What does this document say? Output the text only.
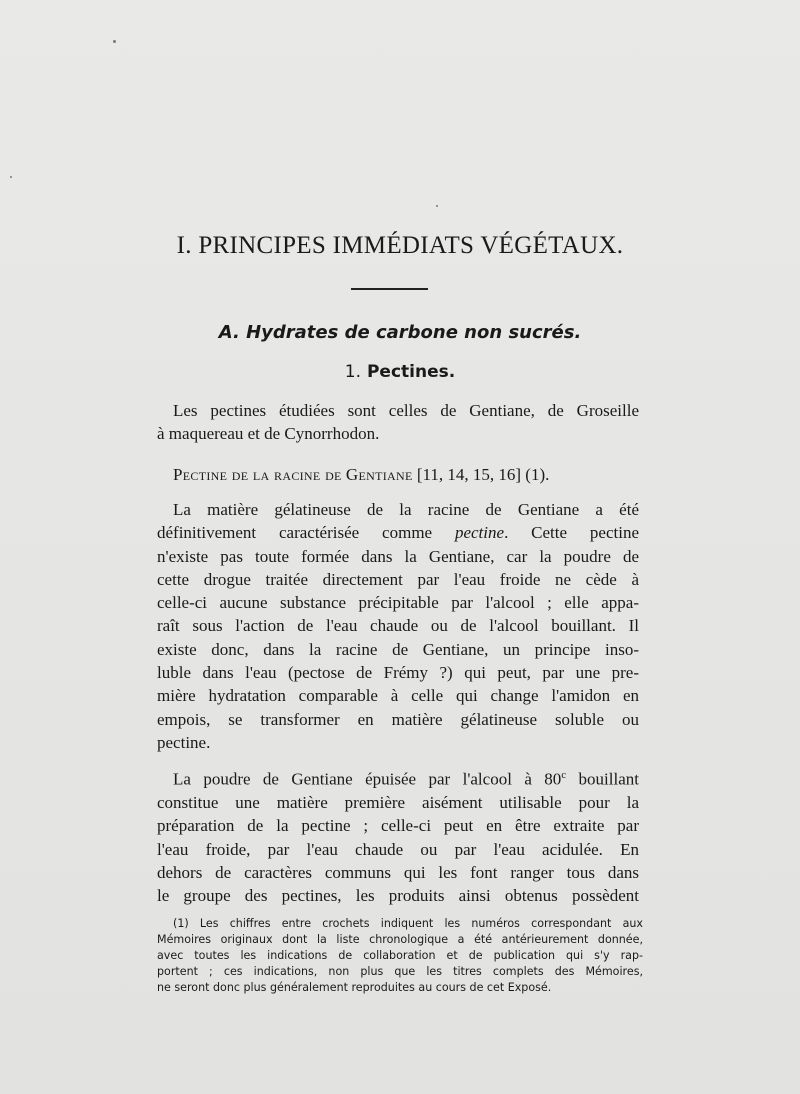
I. PRINCIPES IMMÉDIATS VÉGÉTAUX.
A. Hydrates de carbone non sucrés.
1. Pectines.

Les pectines étudiées sont celles de Gentiane, de Groseille
à maquereau et de Cynorrhodon.

Pectine de la racine de Gentiane [11, 14, 15, 16] (1).

La matière gélatineuse de la racine de Gentiane a été
définitivement caractérisée comme pectine. Cette pectine
n'existe pas toute formée dans la Gentiane, car la poudre de
cette drogue traitée directement par l'eau froide ne cède à
celle-ci aucune substance précipitable par l'alcool ; elle appa-
raît sous l'action de l'eau chaude ou de l'alcool bouillant. Il
existe donc, dans la racine de Gentiane, un principe inso-
luble dans l'eau (pectose de Frémy ?) qui peut, par une pre-
mière hydratation comparable à celle qui change l'amidon en
empois, se transformer en matière gélatineuse soluble ou
pectine.

La poudre de Gentiane épuisée par l'alcool à 80$^c$ bouillant
constitue une matière première aisément utilisable pour la
préparation de la pectine ; celle-ci peut en être extraite par
l'eau froide, par l'eau chaude ou par l'eau acidulée. En
dehors de caractères communs qui les font ranger tous dans
le groupe des pectines, les produits ainsi obtenus possèdent

(1) Les chiffres entre crochets indiquent les numéros correspondant aux
Mémoires originaux dont la liste chronologique a été antérieurement donnée,
avec toutes les indications de collaboration et de publication qui s'y rap-
portent ; ces indications, non plus que les titres complets des Mémoires,
ne seront donc plus généralement reproduites au cours de cet Exposé.
